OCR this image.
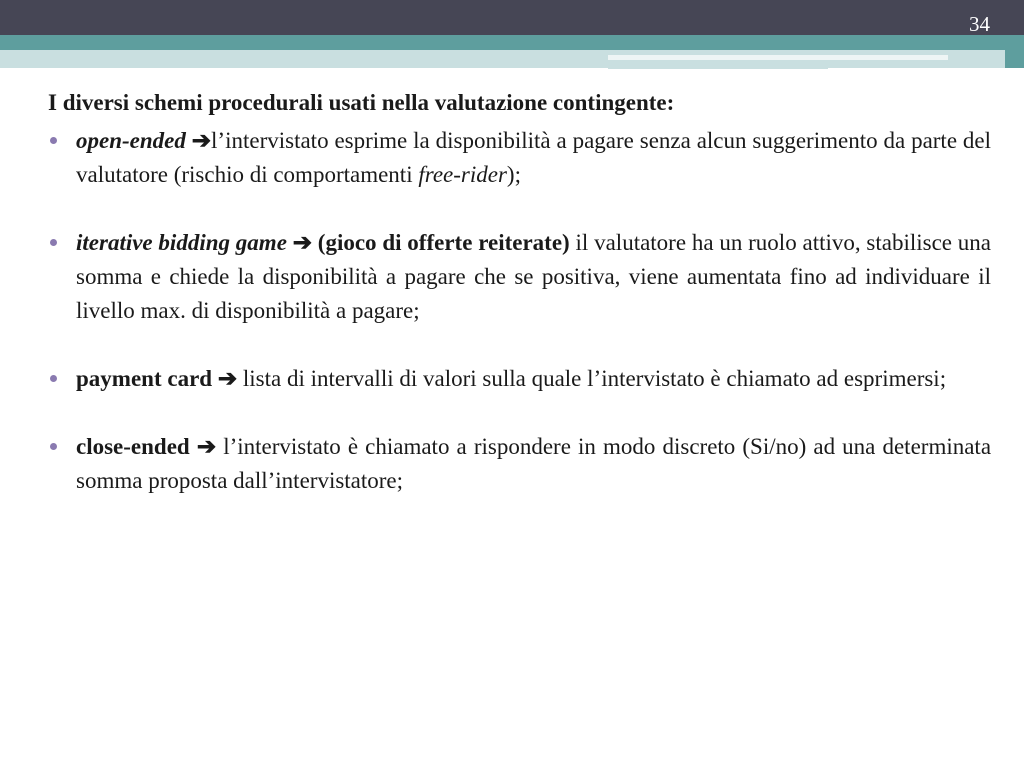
34
I diversi schemi procedurali usati nella valutazione contingente:
open-ended ➔l’intervistato esprime la disponibilità a pagare senza alcun suggerimento da parte del valutatore (rischio di comportamenti free-rider);
iterative bidding game ➔ (gioco di offerte reiterate) il valutatore ha un ruolo attivo, stabilisce una somma e chiede la disponibilità a pagare che se positiva, viene aumentata fino ad individuare il livello max. di disponibilità a pagare;
payment card ➔ lista di intervalli di valori sulla quale l’intervistato è chiamato ad esprimersi;
close-ended ➔ l’intervistato è chiamato a rispondere in modo discreto (Si/no) ad una determinata somma proposta dall’intervistatore;
